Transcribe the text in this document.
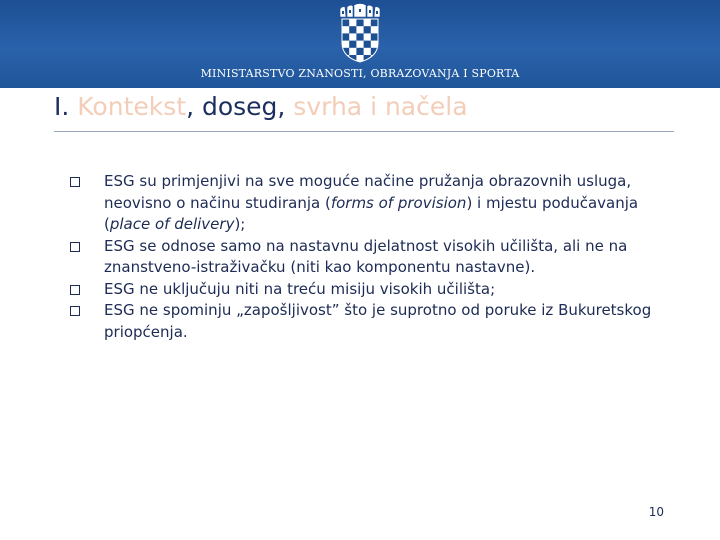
MINISTARSTVO ZNANOSTI, OBRAZOVANJA I SPORTA
I. Kontekst, doseg, svrha i načela
ESG su primjenjivi na sve moguće načine pružanja obrazovnih usluga, neovisno o načinu studiranja (forms of provision) i mjestu podučavanja (place of delivery);
ESG se odnose samo na nastavnu djelatnost visokih učilišta, ali ne na znanstveno-istraživačku (niti kao komponentu nastavne).
ESG ne uključuju niti na treću misiju visokih učilišta;
ESG ne spominju „zapošljivost” što je suprotno od poruke iz Bukuretskog priopćenja.
10
